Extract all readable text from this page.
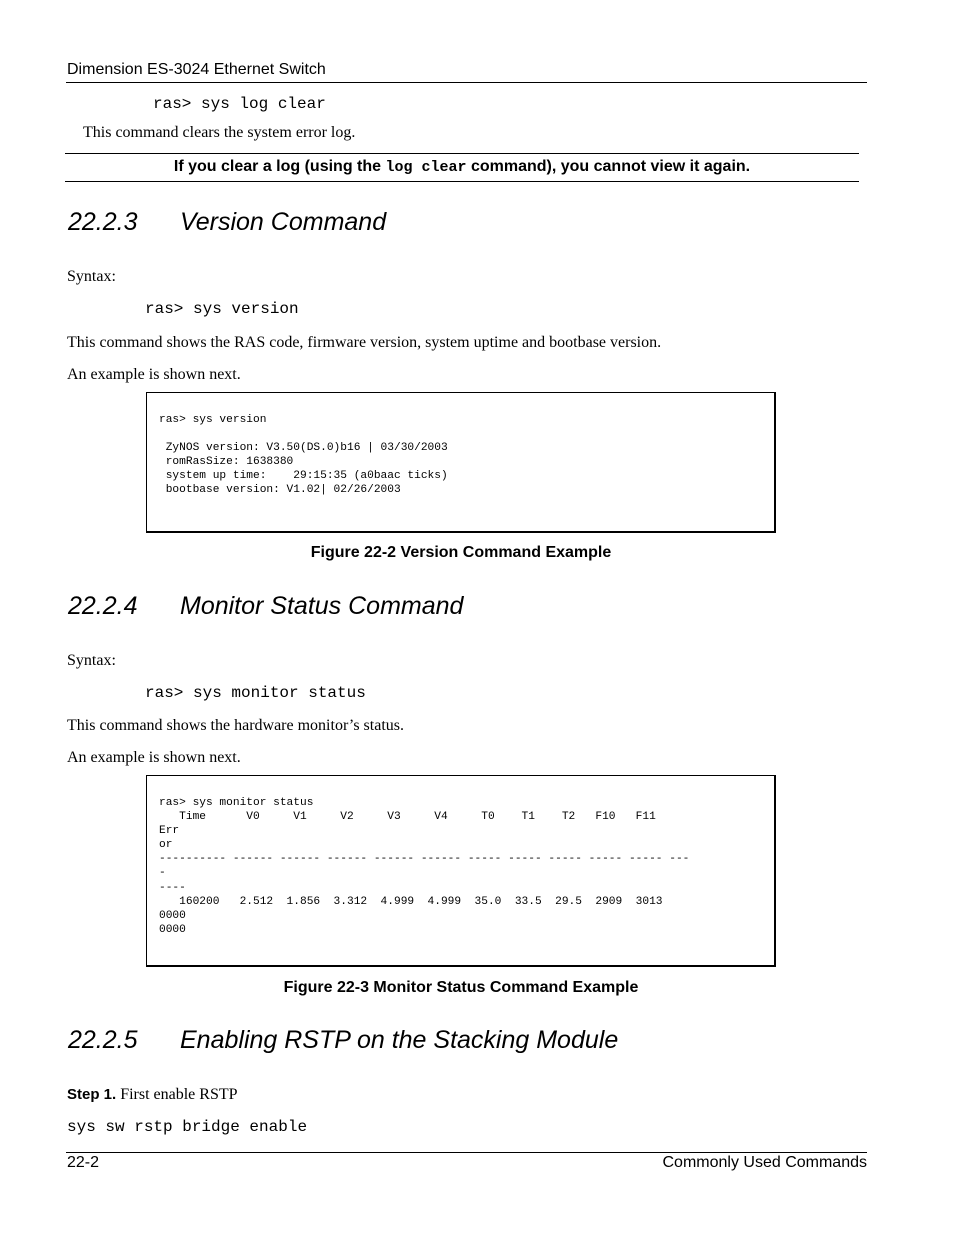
Dimension ES-3024 Ethernet Switch
ras> sys log clear
This command clears the system error log.
If you clear a log (using the log clear command), you cannot view it again.
22.2.3 Version Command
Syntax:
ras> sys version
This command shows the RAS code, firmware version, system uptime and bootbase version.
An example is shown next.
ras> sys version

ZyNOS version: V3.50(DS.0)b16 | 03/30/2003
romRasSize: 1638380
system up time:    29:15:35 (a0baac ticks)
bootbase version: V1.02| 02/26/2003
Figure 22-2 Version Command Example
22.2.4 Monitor Status Command
Syntax:
ras> sys monitor status
This command shows the hardware monitor’s status.
An example is shown next.
ras> sys monitor status
Time      V0     V1     V2     V3     V4     T0    T1    T2   F10   F11
Err
or
---------- ------ ------ ------ ------ ------ ----- ----- ----- ----- ----- ---
-
----
160200   2.512  1.856  3.312  4.999  4.999  35.0  33.5  29.5  2909  3013
0000
0000
Figure 22-3 Monitor Status Command Example
22.2.5 Enabling RSTP on the Stacking Module
Step 1. First enable RSTP
sys sw rstp bridge enable
22-2	Commonly Used Commands
